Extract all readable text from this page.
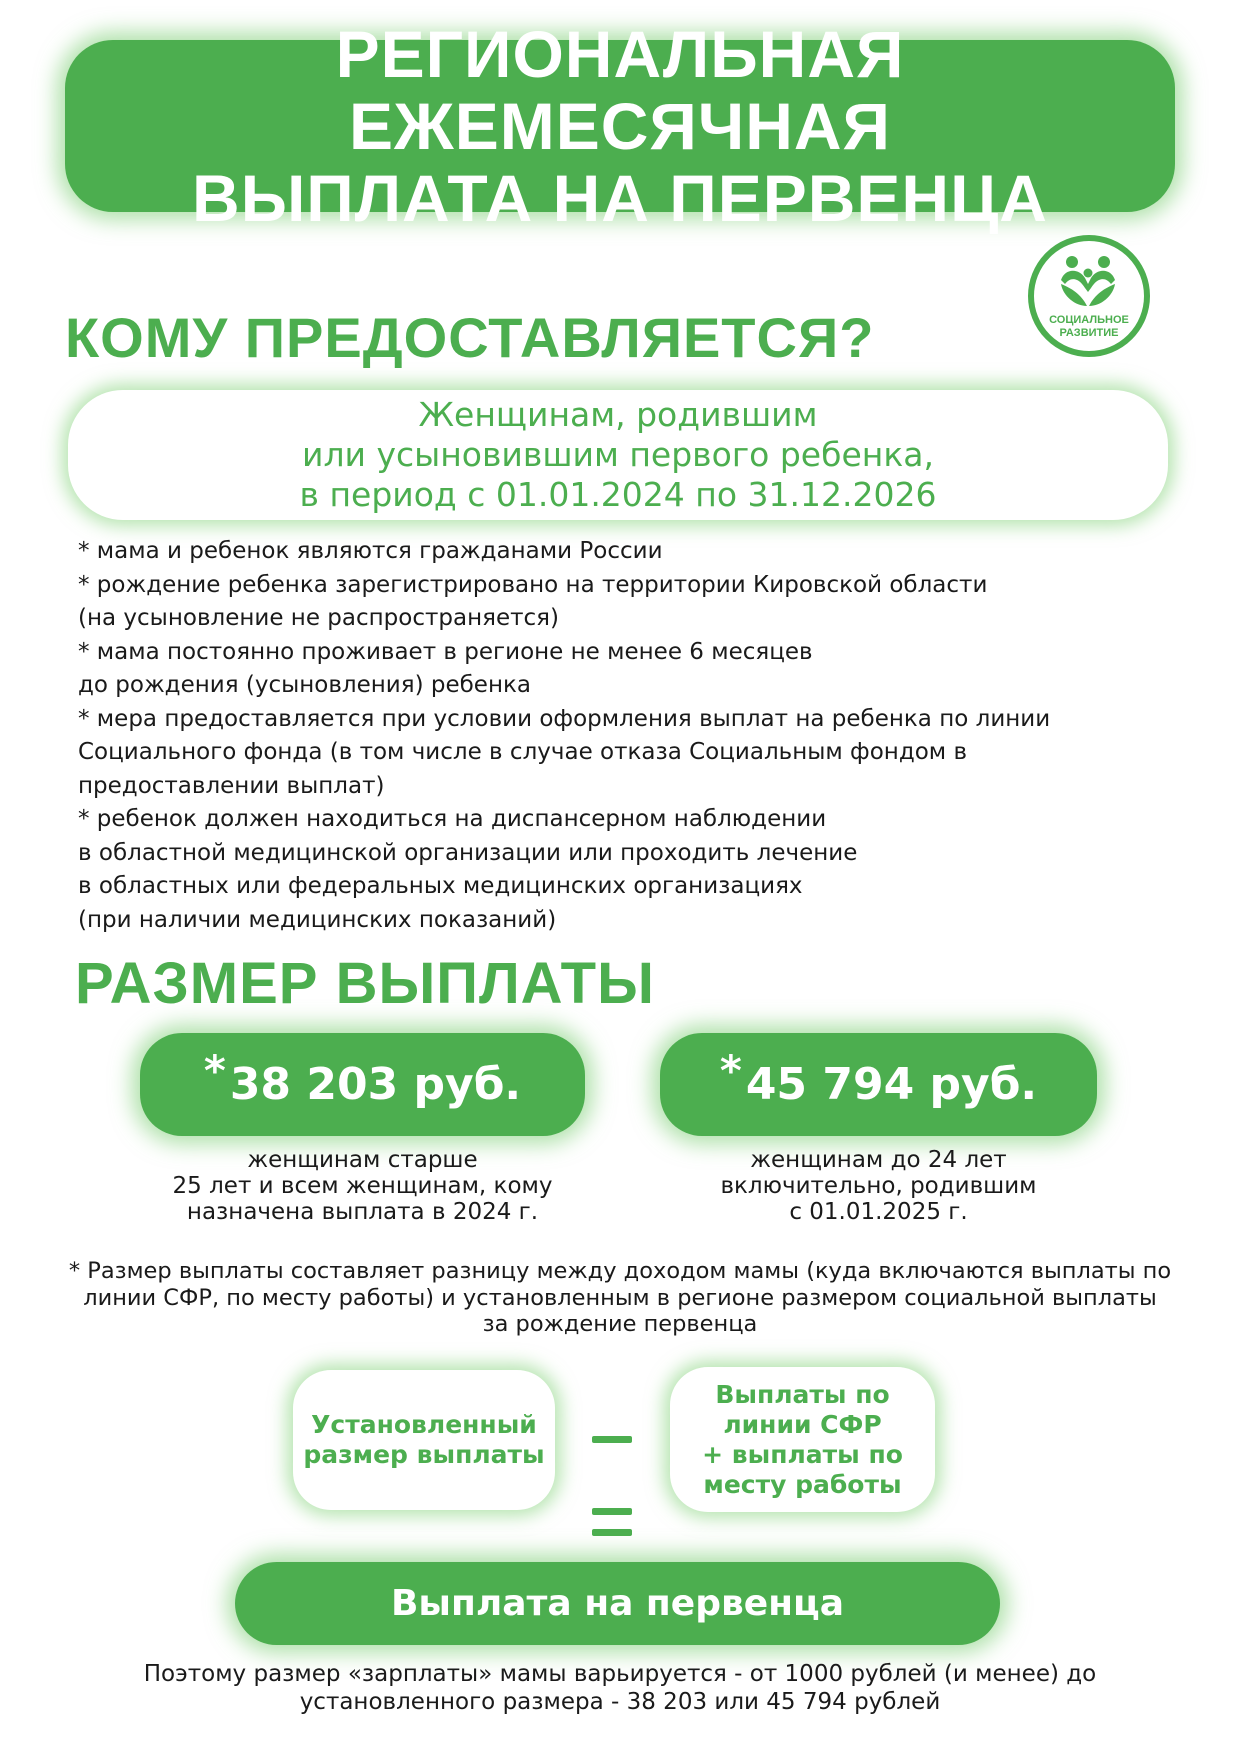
РЕГИОНАЛЬНАЯ ЕЖЕМЕСЯЧНАЯ
ВЫПЛАТА НА ПЕРВЕНЦА
СОЦИАЛЬНОЕ
РАЗВИТИЕ
КОМУ ПРЕДОСТАВЛЯЕТСЯ?
Женщинам, родившим
или усыновившим первого ребенка,
в период с 01.01.2024 по 31.12.2026
* мама и ребенок являются гражданами России
* рождение ребенка зарегистрировано на территории Кировской области
(на усыновление не распространяется)
* мама постоянно проживает в регионе не менее 6 месяцев
до рождения (усыновления) ребенка
* мера предоставляется при условии оформления выплат на ребенка по линии
Социального фонда (в том числе в случае отказа Социальным фондом в
предоставлении выплат)
* ребенок должен находиться на диспансерном наблюдении
в областной медицинской организации или проходить лечение
в областных или федеральных медицинских организациях
(при наличии медицинских показаний)
РАЗМЕР ВЫПЛАТЫ
* 38 203 руб.	* 45 794 руб.
женщинам старше
25 лет и всем женщинам, кому
назначена выплата в 2024 г.
женщинам до 24 лет
включительно, родившим
с 01.01.2025 г.
* Размер выплаты составляет разницу между доходом мамы (куда включаются выплаты по
линии СФР, по месту работы) и установленным в регионе размером социальной выплаты
за рождение первенца
Установленный
размер выплаты
Выплаты по
линии СФР
+ выплаты по
месту работы
Выплата на первенца
Поэтому размер «зарплаты» мамы варьируется - от 1000 рублей (и менее) до
установленного размера - 38 203 или 45 794 рублей
